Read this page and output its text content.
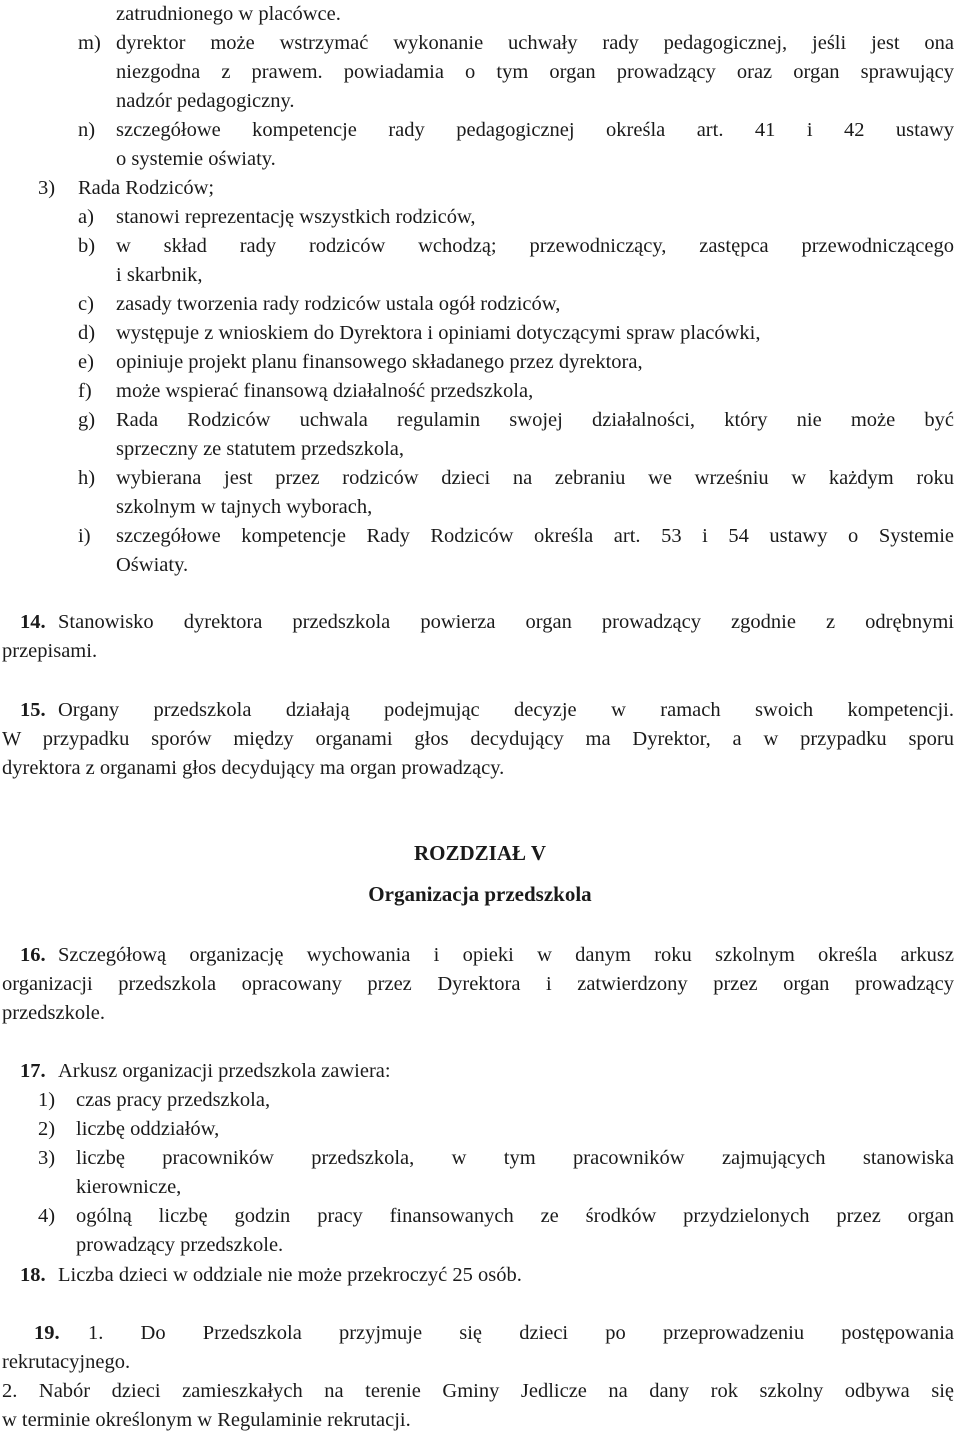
zatrudnionego w placówce.
m) dyrektor może wstrzymać wykonanie uchwały rady pedagogicznej, jeśli jest ona
niezgodna z prawem. powiadamia o tym organ prowadzący oraz organ sprawujący
nadzór pedagogiczny.
n) szczegółowe kompetencje rady pedagogicznej określa art. 41 i 42 ustawy
o systemie oświaty.
3) Rada Rodziców;
a) stanowi reprezentację wszystkich rodziców,
b) w skład rady rodziców wchodzą; przewodniczący, zastępca przewodniczącego
i skarbnik,
c) zasady tworzenia rady rodziców ustala ogół rodziców,
d) występuje z wnioskiem do Dyrektora i opiniami dotyczącymi spraw placówki,
e) opiniuje projekt planu finansowego składanego przez dyrektora,
f) może wspierać finansową działalność przedszkola,
g) Rada Rodziców uchwala regulamin swojej działalności, który nie może być
sprzeczny ze statutem przedszkola,
h) wybierana jest przez rodziców dzieci na zebraniu we wrześniu w każdym roku
szkolnym w tajnych wyborach,
i) szczegółowe kompetencje Rady Rodziców określa art. 53 i 54 ustawy o Systemie
Oświaty.
14. Stanowisko dyrektora przedszkola powierza organ prowadzący zgodnie z odrębnymi
przepisami.
15. Organy przedszkola działają podejmując decyzje w ramach swoich kompetencji.
W przypadku sporów między organami głos decydujący ma Dyrektor, a w przypadku sporu
dyrektora z organami głos decydujący ma organ prowadzący.
ROZDZIAŁ V
Organizacja przedszkola
16. Szczegółową organizację wychowania i opieki w danym roku szkolnym określa arkusz
organizacji przedszkola opracowany przez Dyrektora i zatwierdzony przez organ prowadzący
przedszkole.
17. Arkusz organizacji przedszkola zawiera:
1) czas pracy przedszkola,
2) liczbę oddziałów,
3) liczbę pracowników przedszkola, w tym pracowników zajmujących stanowiska
kierownicze,
4) ogólną liczbę godzin pracy finansowanych ze środków przydzielonych przez organ
prowadzący przedszkole.
18. Liczba dzieci w oddziale nie może przekroczyć 25 osób.
19. 1. Do Przedszkola przyjmuje się dzieci po przeprowadzeniu postępowania
rekrutacyjnego.
2. Nabór dzieci zamieszkałych na terenie Gminy Jedlicze na dany rok szkolny odbywa się
w terminie określonym w Regulaminie rekrutacji.
